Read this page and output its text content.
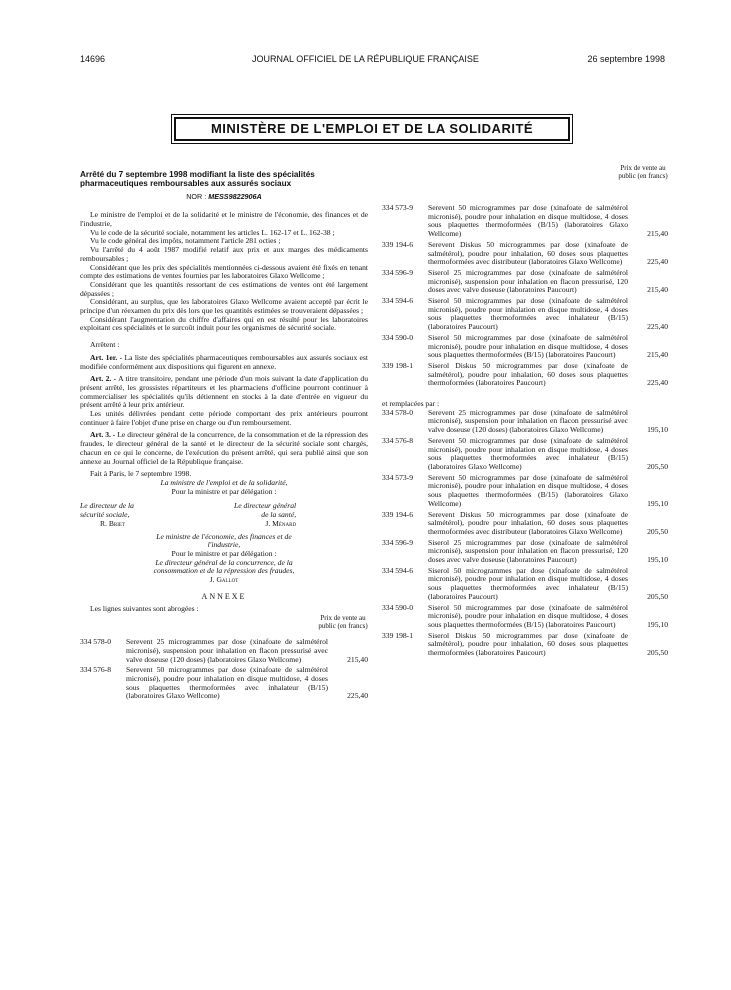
14696	JOURNAL OFFICIEL DE LA RÉPUBLIQUE FRANÇAISE	26 septembre 1998
MINISTÈRE DE L'EMPLOI ET DE LA SOLIDARITÉ
Arrêté du 7 septembre 1998 modifiant la liste des spécialités pharmaceutiques remboursables aux assurés sociaux
NOR : MESS9822906A

Le ministre de l'emploi et de la solidarité et le ministre de l'économie, des finances et de l'industrie,

Vu le code de la sécurité sociale, notamment les articles L. 162-17 et L. 162-38 ;

Vu le code général des impôts, notamment l'article 281 octies ;

Vu l'arrêté du 4 août 1987 modifié relatif aux prix et aux marges des médicaments remboursables ;

Considérant que les prix des spécialités mentionnées ci-dessous avaient été fixés en tenant compte des estimations de ventes fournies par les laboratoires Glaxo Wellcome ;

Considérant que les quantités ressortant de ces estimations de ventes ont été largement dépassées ;

Considérant, au surplus, que les laboratoires Glaxo Wellcome avaient accepté par écrit le principe d'un réexamen du prix dès lors que les quantités estimées se trouveraient dépassées ;

Considérant l'augmentation du chiffre d'affaires qui en est résulté pour les laboratoires exploitant ces spécialités et le surcoût induit pour les organismes de sécurité sociale.

Arrêtent :

Art. 1er. - La liste des spécialités pharmaceutiques remboursables aux assurés sociaux est modifiée conformément aux dispositions qui figurent en annexe.

Art. 2. - A titre transitoire, pendant une période d'un mois suivant la date d'application du présent arrêté, les grossistes répartiteurs et les pharmaciens d'officine pourront continuer à commercialiser les spécialités qu'ils détiennent en stocks à la date d'entrée en vigueur du présent arrêté à leur prix antérieur.

Les unités délivrées pendant cette période comportant des prix antérieurs pourront continuer à faire l'objet d'une prise en charge ou d'un remboursement.

Art. 3. - Le directeur général de la concurrence, de la consommation et de la répression des fraudes, le directeur général de la santé et le directeur de la sécurité sociale sont chargés, chacun en ce qui le concerne, de l'exécution du présent arrêté, qui sera publié ainsi que son annexe au Journal officiel de la République française.

Fait à Paris, le 7 septembre 1998.

La ministre de l'emploi et de la solidarité,
Pour la ministre et par délégation :
Le directeur de la sécurité sociale,
R. Briet
Le directeur général de la santé,
J. Ménard
Le ministre de l'économie, des finances et de l'industrie,
Pour le ministre et par délégation :
Le directeur général de la concurrence, de la consommation et de la répression des fraudes,
J. Gallot
ANNEXE

Les lignes suivantes sont abrogées :

Prix de vente au public (en francs)
334 578-0	Serevent 25 microgrammes par dose (xinafoate de salmétérol micronisé), suspension pour inhalation en flacon pressurisé avec valve doseuse (120 doses) (laboratoires Glaxo Wellcome)	215,40
334 576-8	Serevent 50 microgrammes par dose (xinafoate de salmétérol micronisé), poudre pour inhalation en disque multidose, 4 doses sous plaquettes thermoformées avec inhalateur (B/15) (laboratoires Glaxo Wellcome)	225,40
Prix de vente au public (en francs)
334 573-9	Serevent 50 microgrammes par dose (xinafoate de salmétérol micronisé), poudre pour inhalation en disque multidose, 4 doses sous plaquettes thermoformées (B/15) (laboratoires Glaxo Wellcome)	215,40
339 194-6	Serevent Diskus 50 microgrammes par dose (xinafoate de salmétérol), poudre pour inhalation, 60 doses sous plaquettes thermoformées avec distributeur (laboratoires Glaxo Wellcome)	225,40
334 596-9	Siserol 25 microgrammes par dose (xinafoate de salmétérol micronisé), suspension pour inhalation en flacon pressurisé, 120 doses avec valve doseuse (laboratoires Paucourt)	215,40
334 594-6	Siserol 50 microgrammes par dose (xinafoate de salmétérol micronisé), poudre pour inhalation en disque multidose, 4 doses sous plaquettes thermoformées avec inhalateur (B/15) (laboratoires Paucourt)	225,40
334 590-0	Siserol 50 microgrammes par dose (xinafoate de salmétérol micronisé), poudre pour inhalation en disque multidose, 4 doses sous plaquettes thermoformées (B/15) (laboratoires Paucourt)	215,40
339 198-1	Siserol Diskus 50 microgrammes par dose (xinafoate de salmétérol), poudre pour inhalation, 60 doses sous plaquettes thermoformées (laboratoires Paucourt)	225,40

et remplacées par :

334 578-0	Serevent 25 microgrammes par dose (xinafoate de salmétérol micronisé), suspension pour inhalation en flacon pressurisé avec valve doseuse (120 doses) (laboratoires Glaxo Wellcome)	195,10
334 576-8	Serevent 50 microgrammes par dose (xinafoate de salmétérol micronisé), poudre pour inhalation en disque multidose, 4 doses sous plaquettes thermoformées avec inhalateur (B/15) (laboratoires Glaxo Wellcome)	205,50
334 573-9	Serevent 50 microgrammes par dose (xinafoate de salmétérol micronisé), poudre pour inhalation en disque multidose, 4 doses sous plaquettes thermoformées (B/15) (laboratoires Glaxo Wellcome)	195,10
339 194-6	Serevent Diskus 50 microgrammes par dose (xinafoate de salmétérol), poudre pour inhalation, 60 doses sous plaquettes thermoformées avec distributeur (laboratoires Glaxo Wellcome)	205,50
334 596-9	Siserol 25 microgrammes par dose (xinafoate de salmétérol micronisé), suspension pour inhalation en flacon pressurisé, 120 doses avec valve doseuse (laboratoires Paucourt)	195,10
334 594-6	Siserol 50 microgrammes par dose (xinafoate de salmétérol micronisé), poudre pour inhalation en disque multidose, 4 doses sous plaquettes thermoformées avec inhalateur (B/15) (laboratoires Paucourt)	205,50
334 590-0	Siserol 50 microgrammes par dose (xinafoate de salmétérol micronisé), poudre pour inhalation en disque multidose, 4 doses sous plaquettes thermoformées (B/15) (laboratoires Paucourt)	195,10
339 198-1	Siserol Diskus 50 microgrammes par dose (xinafoate de salmétérol), poudre pour inhalation, 60 doses sous plaquettes thermoformées (laboratoires Paucourt)	205,50
